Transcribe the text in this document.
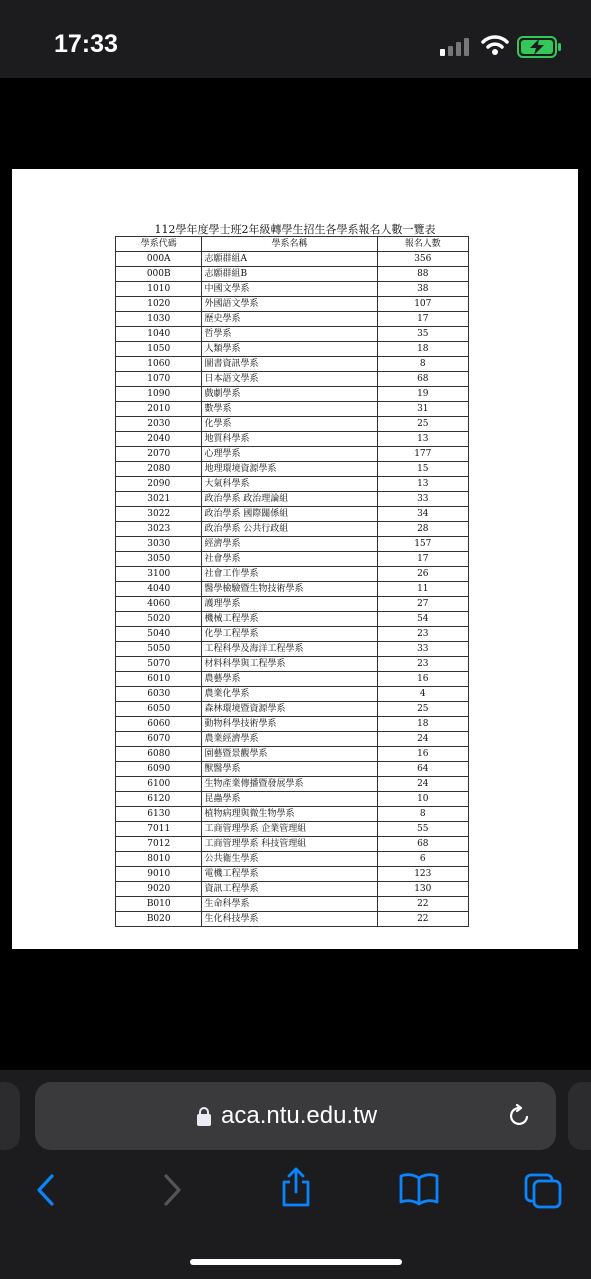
17:33
112學年度學士班2年級轉學生招生各學系報名人數一覽表
學系代碼	學系名稱	報名人數
000A	志願群組A	356
000B	志願群組B	88
1010	中國文學系	38
1020	外國語文學系	107
1030	歷史學系	17
1040	哲學系	35
1050	人類學系	18
1060	圖書資訊學系	8
1070	日本語文學系	68
1090	戲劇學系	19
2010	數學系	31
2030	化學系	25
2040	地質科學系	13
2070	心理學系	177
2080	地理環境資源學系	15
2090	大氣科學系	13
3021	政治學系 政治理論組	33
3022	政治學系 國際關係組	34
3023	政治學系 公共行政組	28
3030	經濟學系	157
3050	社會學系	17
3100	社會工作學系	26
4040	醫學檢驗暨生物技術學系	11
4060	護理學系	27
5020	機械工程學系	54
5040	化學工程學系	23
5050	工程科學及海洋工程學系	33
5070	材料科學與工程學系	23
6010	農藝學系	16
6030	農業化學系	4
6050	森林環境暨資源學系	25
6060	動物科學技術學系	18
6070	農業經濟學系	24
6080	園藝暨景觀學系	16
6090	獸醫學系	64
6100	生物產業傳播暨發展學系	24
6120	昆蟲學系	10
6130	植物病理與微生物學系	8
7011	工商管理學系 企業管理組	55
7012	工商管理學系 科技管理組	68
8010	公共衛生學系	6
9010	電機工程學系	123
9020	資訊工程學系	130
B010	生命科學系	22
B020	生化科技學系	22
aca.ntu.edu.tw
